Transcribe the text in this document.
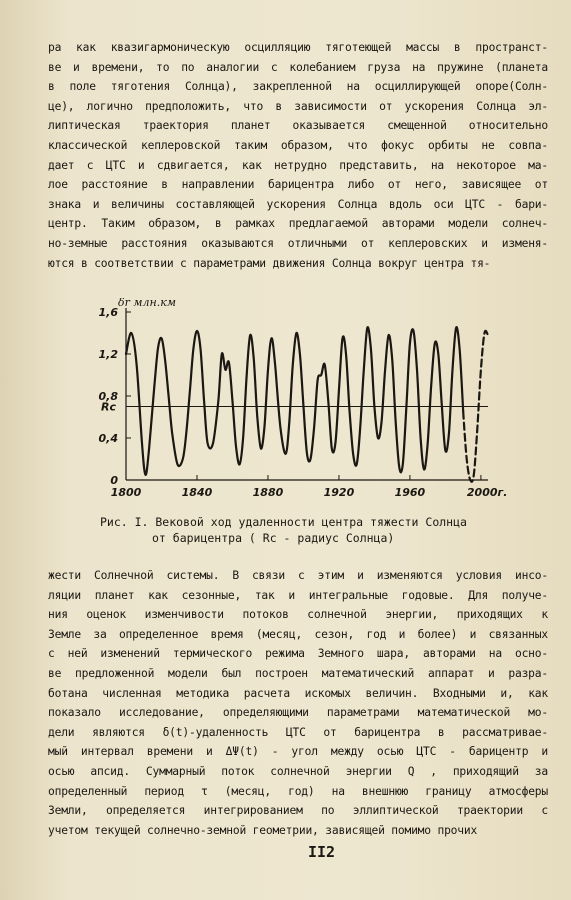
ра как квазигармоническую осцилляцию тяготеющей массы в пространст-
ве и времени, то по аналогии с колебанием груза на пружине (планета
в поле тяготения Солнца), закрепленной на осциллирующей опоре(Солн-
це), логично предположить, что в зависимости от ускорения Солнца эл-
липтическая траектория планет оказывается смещенной относительно
классической кеплеровской таким образом, что фокус орбиты не совпа-
дает с ЦТС и сдвигается, как нетрудно представить, на некоторое ма-
лое расстояние в направлении барицентра либо от него, зависящее от
знака и величины составляющей ускорения Солнца вдоль оси ЦТС - бари-
центр. Таким образом, в рамках предлагаемой авторами модели солнеч-
но-земные расстояния оказываются отличными от кеплеровских и изменя-
ются в соответствии с параметрами движения Солнца вокруг центра тя-
1,6
1,2
0,8
0,4
0
Rc
1800	1840	1880	1920	1960	2000г.
δr млн.км
Рис. I. Вековой ход удаленности центра тяжести Солнца
от барицентра ( Rc - радиус Солнца)
жести Солнечной системы. В связи с этим и изменяются условия инсо-
ляции планет как сезонные, так и интегральные годовые. Для получе-
ния оценок изменчивости потоков солнечной энергии, приходящих к
Земле за определенное время (месяц, сезон, год и более) и связанных
с ней изменений термического режима Земного шара, авторами на осно-
ве предложенной модели был построен математический аппарат и разра-
ботана численная методика расчета искомых величин. Входными и, как
показало исследование, определяющими параметрами математической мо-
дели являются δ(t)-удаленность ЦТС от барицентра в рассматривае-
мый интервал времени и ΔΨ(t) - угол между осью ЦТС - барицентр и
осью апсид. Суммарный поток солнечной энергии Q , приходящий за
определенный период τ (месяц, год) на внешнюю границу атмосферы
Земли, определяется интегрированием по эллиптической траектории с
учетом текущей солнечно-земной геометрии, зависящей помимо прочих
II2
